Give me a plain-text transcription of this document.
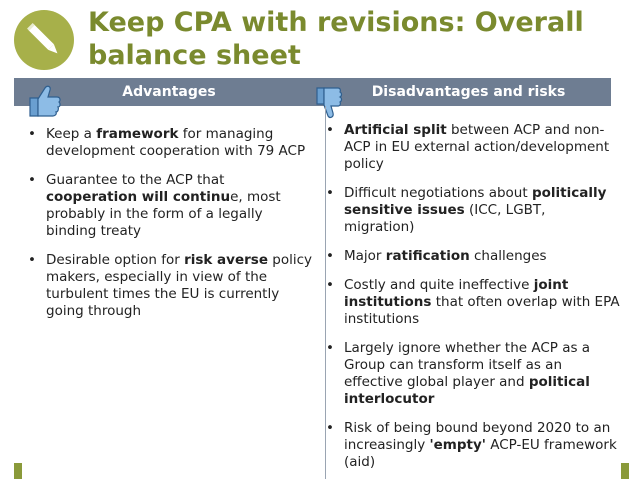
Keep CPA with revisions: Overall balance sheet
Advantages	Disadvantages and risks
• Keep a framework for managing development cooperation with 79 ACP
• Guarantee to the ACP that cooperation will continue, most probably in the form of a legally binding treaty
• Desirable option for risk averse policy makers, especially in view of the turbulent times the EU is currently going through
• Artificial split between ACP and non-ACP in EU external action/development policy
• Difficult negotiations about politically sensitive issues (ICC, LGBT, migration)
• Major ratification challenges
• Costly and quite ineffective joint institutions that often overlap with EPA institutions
• Largely ignore whether the ACP as a Group can transform itself as an effective global player and political interlocutor
• Risk of being bound beyond 2020 to an increasingly 'empty' ACP-EU framework (aid)
